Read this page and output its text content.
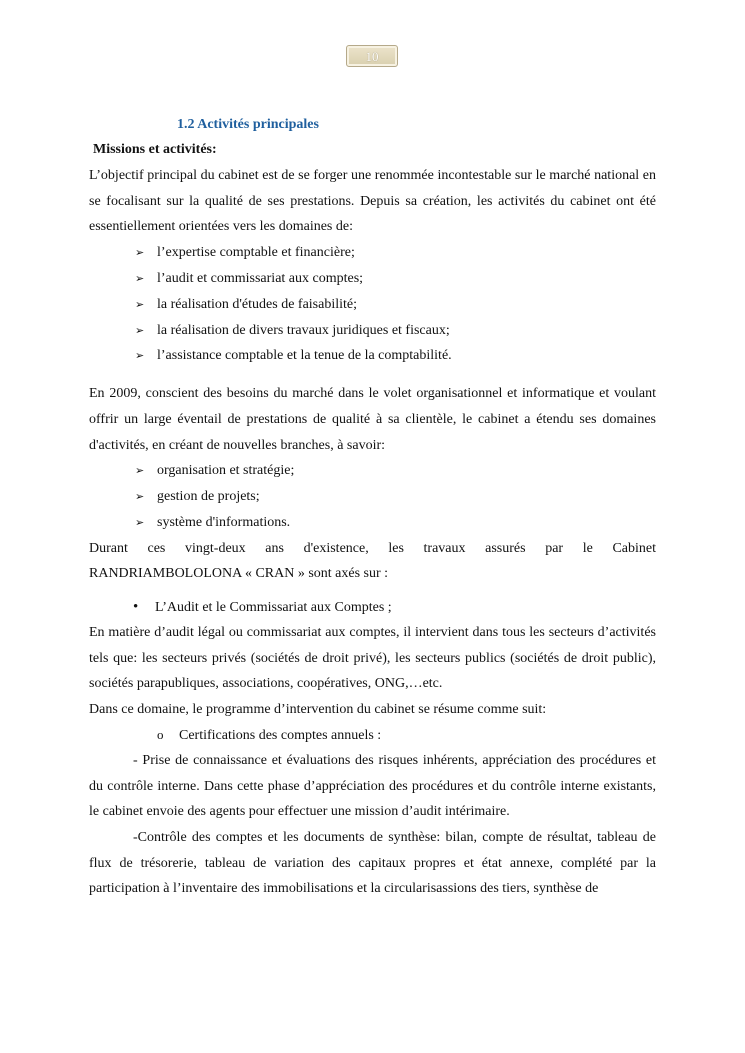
10
1.2 Activités principales
Missions et activités:

L’objectif principal du cabinet est de se forger une renommée incontestable sur le marché national en se focalisant sur la qualité de ses prestations. Depuis sa création, les activités du cabinet ont été essentiellement orientées vers les domaines de:

➢ l’expertise comptable et financière;
➢ l’audit et commissariat aux comptes;
➢ la réalisation d'études de faisabilité;
➢ la réalisation de divers travaux juridiques et fiscaux;
➢ l’assistance comptable et la tenue de la comptabilité.

En 2009, conscient des besoins du marché dans le volet organisationnel et informatique et voulant offrir un large éventail de prestations de qualité à sa clientèle, le cabinet a étendu ses domaines d'activités, en créant de nouvelles branches, à savoir:

➢ organisation et stratégie;
➢ gestion de projets;
➢ système d'informations.

Durant ces vingt-deux ans d'existence, les travaux assurés par le Cabinet

RANDRIAMBOLOLONA « CRAN » sont axés sur :

• L’Audit et le Commissariat aux Comptes ;

En matière d’audit légal ou commissariat aux comptes, il intervient dans tous les secteurs d’activités tels que: les secteurs privés (sociétés de droit privé), les secteurs publics (sociétés de droit public), sociétés parapubliques, associations, coopératives, ONG,…etc.

Dans ce domaine, le programme d’intervention du cabinet se résume comme suit:

o Certifications des comptes annuels :

- Prise de connaissance et évaluations des risques inhérents, appréciation des procédures et du contrôle interne. Dans cette phase d’appréciation des procédures et du contrôle interne existants, le cabinet envoie des agents pour effectuer une mission d’audit intérimaire.

-Contrôle des comptes et les documents de synthèse: bilan, compte de résultat, tableau de flux de trésorerie, tableau de variation des capitaux propres et état annexe, complété par la participation à l’inventaire des immobilisations et la circularisassions des tiers, synthèse de
